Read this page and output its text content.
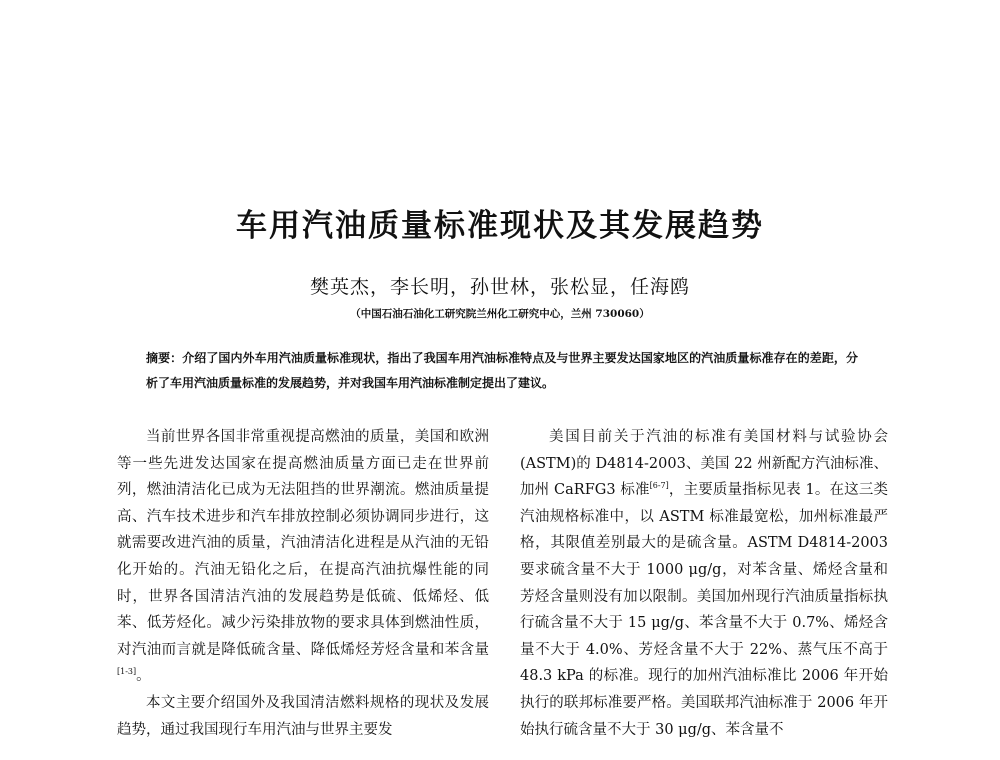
车用汽油质量标准现状及其发展趋势
樊英杰，李长明，孙世林，张松显，任海鸥
（中国石油石油化工研究院兰州化工研究中心，兰州 730060）
摘要：介绍了国内外车用汽油质量标准现状，指出了我国车用汽油标准特点及与世界主要发达国家地区的汽油质量标准存在的差距，分析了车用汽油质量标准的发展趋势，并对我国车用汽油标准制定提出了建议。

当前世界各国非常重视提高燃油的质量，美国和欧洲等一些先进发达国家在提高燃油质量方面已走在世界前列，燃油清洁化已成为无法阻挡的世界潮流。燃油质量提高、汽车技术进步和汽车排放控制必须协调同步进行，这就需要改进汽油的质量，汽油清洁化进程是从汽油的无铅化开始的。汽油无铅化之后，在提高汽油抗爆性能的同时，世界各国清洁汽油的发展趋势是低硫、低烯烃、低苯、低芳烃化。减少污染排放物的要求具体到燃油性质，对汽油而言就是降低硫含量、降低烯烃芳烃含量和苯含量[1-3]。

本文主要介绍国外及我国清洁燃料规格的现状及发展趋势，通过我国现行车用汽油与世界主要发

美国目前关于汽油的标准有美国材料与试验协会(ASTM)的 D4814-2003、美国 22 州新配方汽油标准、加州 CaRFG3 标准[6-7]，主要质量指标见表 1。在这三类汽油规格标准中，以 ASTM 标准最宽松，加州标准最严格，其限值差别最大的是硫含量。ASTM D4814-2003 要求硫含量不大于 1000 μg/g，对苯含量、烯烃含量和芳烃含量则没有加以限制。美国加州现行汽油质量指标执行硫含量不大于 15 μg/g、苯含量不大于 0.7%、烯烃含量不大于 4.0%、芳烃含量不大于 22%、蒸气压不高于 48.3 kPa 的标准。现行的加州汽油标准比 2006 年开始执行的联邦标准要严格。美国联邦汽油标准于 2006 年开始执行硫含量不大于 30 μg/g、苯含量不
